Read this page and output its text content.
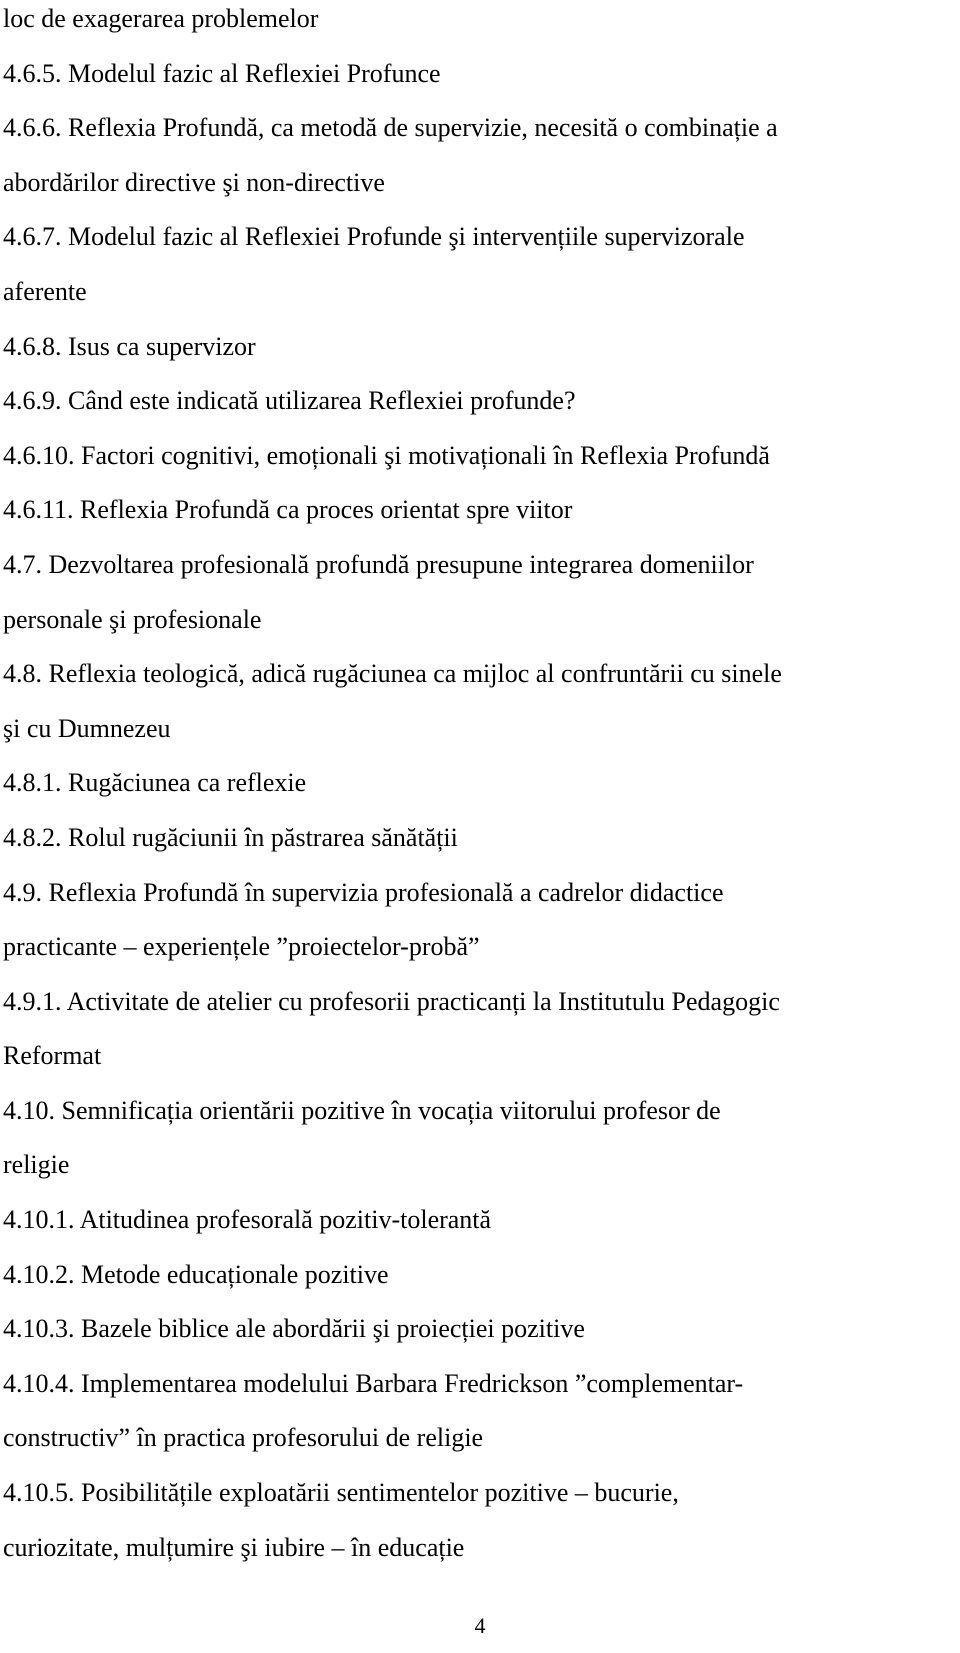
loc de exagerarea problemelor
4.6.5. Modelul fazic al Reflexiei Profunce
4.6.6. Reflexia Profundă, ca metodă de supervizie, necesită o combinație a
abordărilor directive şi non-directive
4.6.7. Modelul fazic al Reflexiei Profunde şi intervențiile supervizorale
aferente
4.6.8. Isus ca supervizor
4.6.9. Când este indicată utilizarea Reflexiei profunde?
4.6.10. Factori cognitivi, emoționali şi motivaționali în Reflexia Profundă
4.6.11. Reflexia Profundă ca proces orientat spre viitor
4.7. Dezvoltarea profesională profundă presupune integrarea domeniilor
personale şi profesionale
4.8. Reflexia teologică, adică rugăciunea ca mijloc al confruntării cu sinele
şi cu Dumnezeu
4.8.1. Rugăciunea ca reflexie
4.8.2. Rolul rugăciunii în păstrarea sănătății
4.9. Reflexia Profundă în supervizia profesională a cadrelor didactice
practicante – experiențele ”proiectelor-probă”
4.9.1. Activitate de atelier cu profesorii practicanți la Institutulu Pedagogic
Reformat
4.10. Semnificația orientării pozitive în vocația viitorului profesor de
religie
4.10.1. Atitudinea profesorală pozitiv-tolerantă
4.10.2. Metode educaționale pozitive
4.10.3. Bazele biblice ale abordării şi proiecției pozitive
4.10.4. Implementarea modelului Barbara Fredrickson ”complementar-
constructiv” în practica profesorului de religie
4.10.5. Posibilitățile exploatării sentimentelor pozitive – bucurie,
curiozitate, mulțumire şi iubire – în educație
4
